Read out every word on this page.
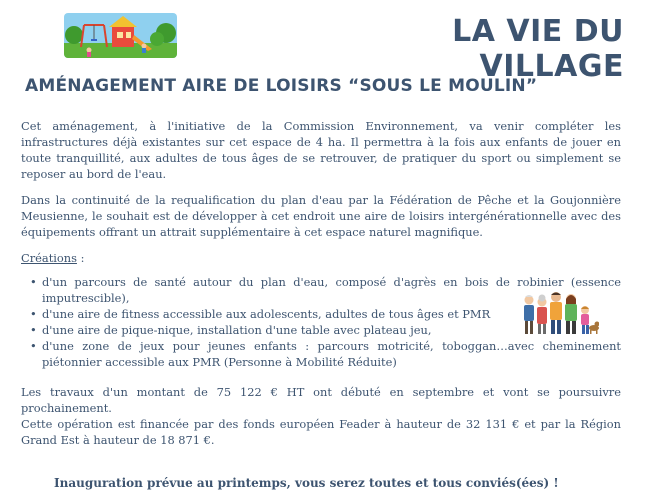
LA VIE DU VILLAGE
AMÉNAGEMENT AIRE DE LOISIRS “SOUS LE MOULIN”

Cet aménagement, à l'initiative de la Commission Environnement, va venir compléter les infrastructures déjà existantes sur cet espace de 4 ha. Il permettra à la fois aux enfants de jouer en toute tranquillité, aux adultes de tous âges de se retrouver, de pratiquer du sport ou simplement se reposer au bord de l'eau.

Dans la continuité de la requalification du plan d'eau par la Fédération de Pêche et la Goujonnière Meusienne, le souhait est de développer à cet endroit une aire de loisirs intergénérationnelle avec des équipements offrant un attrait supplémentaire à cet espace naturel magnifique.

Créations :
• d'un parcours de santé autour du plan d'eau, composé d'agrès en bois de robinier (essence imputrescible),
• d'une aire de fitness accessible aux adolescents, adultes de tous âges et PMR
• d'une aire de pique-nique, installation d'une table avec plateau jeu,
• d'une zone de jeux pour jeunes enfants : parcours motricité, toboggan…avec cheminement piétonnier accessible aux PMR (Personne à Mobilité Réduite)

Les travaux d'un montant de 75 122 € HT ont débuté en septembre et vont se poursuivre prochainement.

Cette opération est financée par des fonds européen Feader à hauteur de 32 131 € et par la Région Grand Est à hauteur de 18 871 €.

Inauguration prévue au printemps, vous serez toutes et tous conviés(ées) !
